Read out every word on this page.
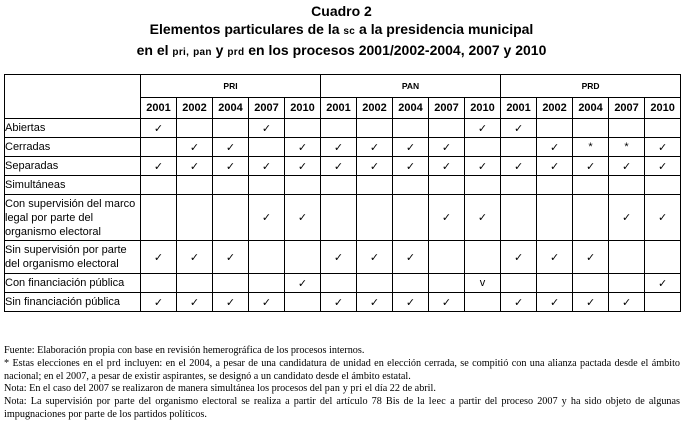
Cuadro 2
Elementos particulares de la sc a la presidencia municipal
en el pri, pan y prd en los procesos 2001/2002-2004, 2007 y 2010
	PRI					PAN					PRD				
	2001	2002	2004	2007	2010	2001	2002	2004	2007	2010	2001	2002	2004	2007	2010
Abiertas	✓			✓						✓	✓				
Cerradas		✓	✓		✓	✓	✓	✓	✓			✓	*	*	✓
Separadas	✓	✓	✓	✓	✓	✓	✓	✓	✓	✓	✓	✓	✓	✓	✓
Simultáneas															
Con supervisión del marco legal por parte del organismo electoral				✓	✓				✓	✓				✓	✓
Sin supervisión por parte del organismo electoral	✓	✓	✓			✓	✓	✓			✓	✓	✓		
Con financiación pública					✓					v					✓
Sin financiación pública	✓	✓	✓	✓		✓	✓	✓	✓		✓	✓	✓	✓	

Fuente: Elaboración propia con base en revisión hemerográfica de los procesos internos.

* Estas elecciones en el prd incluyen: en el 2004, a pesar de una candidatura de unidad en elección cerrada, se compitió con una alianza pactada desde el ámbito nacional; en el 2007, a pesar de existir aspirantes, se designó a un candidato desde el ámbito estatal.

Nota: En el caso del 2007 se realizaron de manera simultánea los procesos del pan y pri el día 22 de abril.

Nota: La supervisión por parte del organismo electoral se realiza a partir del artículo 78 Bis de la leec a partir del proceso 2007 y ha sido objeto de algunas impugnaciones por parte de los partidos políticos.
